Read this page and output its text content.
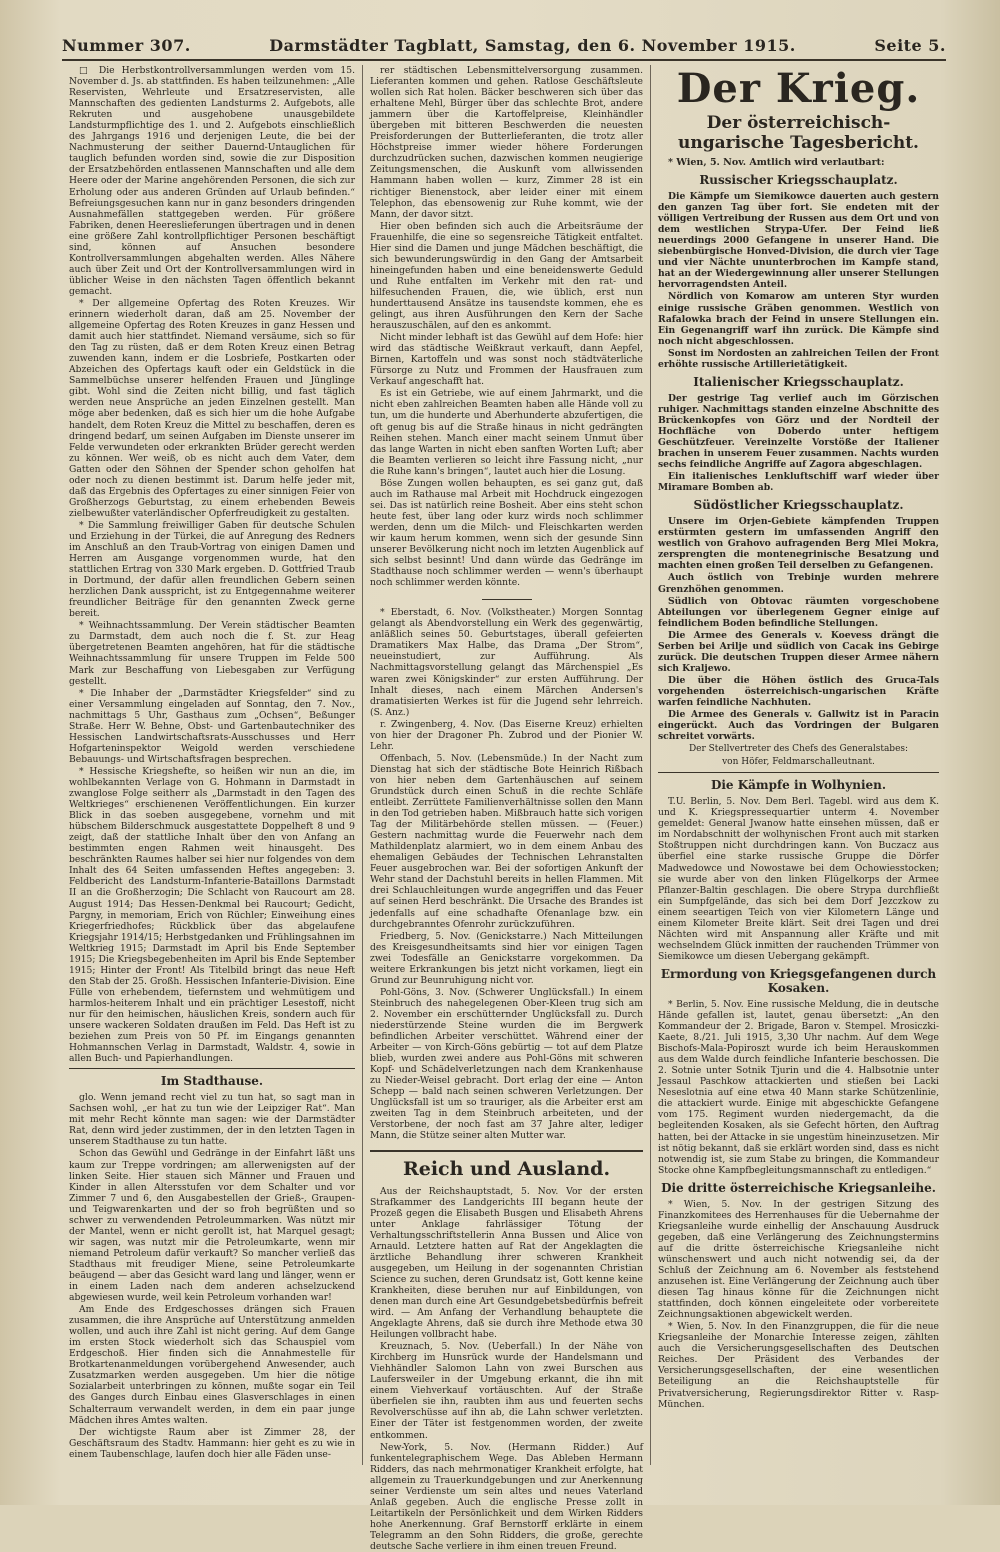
Nummer 307.	Darmstädter Tagblatt, Samstag, den 6. November 1915.	Seite 5.

□ Die Herbstkontrollversammlungen werden vom 15. November d. Js. ab stattfinden. Es haben teilzunehmen: „Alle Reservisten, Wehrleute und Ersatzreservisten, alle Mannschaften des gedienten Landsturms 2. Aufgebots, alle Rekruten und ausgehobene unausgebildete Landsturmpflichtige des 1. und 2. Aufgebots einschließlich des Jahrgangs 1916 und derjenigen Leute, die bei der Nachmusterung der seither Dauernd-Untauglichen für tauglich befunden worden sind, sowie die zur Disposition der Ersatzbehörden entlassenen Mannschaften und alle dem Heere oder der Marine angehörenden Personen, die sich zur Erholung oder aus anderen Gründen auf Urlaub befinden.“ Befreiungsgesuchen kann nur in ganz besonders dringenden Ausnahmefällen stattgegeben werden. Für größere Fabriken, denen Heereslieferungen übertragen und in denen eine größere Zahl kontrollpflichtiger Personen beschäftigt sind, können auf Ansuchen besondere Kontrollversammlungen abgehalten werden. Alles Nähere auch über Zeit und Ort der Kontrollversammlungen wird in üblicher Weise in den nächsten Tagen öffentlich bekannt gemacht.

* Der allgemeine Opfertag des Roten Kreuzes. Wir erinnern wiederholt daran, daß am 25. November der allgemeine Opfertag des Roten Kreuzes in ganz Hessen und damit auch hier stattfindet. Niemand versäume, sich so für den Tag zu rüsten, daß er dem Roten Kreuz einen Betrag zuwenden kann, indem er die Losbriefe, Postkarten oder Abzeichen des Opfertags kauft oder ein Geldstück in die Sammelbüchse unserer helfenden Frauen und Jünglinge gibt. Wohl sind die Zeiten nicht billig, und fast täglich werden neue Ansprüche an jeden Einzelnen gestellt. Man möge aber bedenken, daß es sich hier um die hohe Aufgabe handelt, dem Roten Kreuz die Mittel zu beschaffen, deren es dringend bedarf, um seinen Aufgaben im Dienste unserer im Felde verwundeten oder erkrankten Brüder gerecht werden zu können. Wer weiß, ob es nicht auch dem Vater, dem Gatten oder den Söhnen der Spender schon geholfen hat oder noch zu dienen bestimmt ist. Darum helfe jeder mit, daß das Ergebnis des Opfertages zu einer sinnigen Feier von Großherzogs Geburtstag, zu einem erhebenden Beweis zielbewußter vaterländischer Opferfreudigkeit zu gestalten.

* Die Sammlung freiwilliger Gaben für deutsche Schulen und Erziehung in der Türkei, die auf Anregung des Redners im Anschluß an den Traub-Vortrag von einigen Damen und Herren am Ausgange vorgenommen wurde, hat den stattlichen Ertrag von 330 Mark ergeben. D. Gottfried Traub in Dortmund, der dafür allen freundlichen Gebern seinen herzlichen Dank ausspricht, ist zu Entgegennahme weiterer freundlicher Beiträge für den genannten Zweck gerne bereit.

* Weihnachtssammlung. Der Verein städtischer Beamten zu Darmstadt, dem auch noch die f. St. zur Heag übergetretenen Beamten angehören, hat für die städtische Weihnachtssammlung für unsere Truppen im Felde 500 Mark zur Beschaffung von Liebesgaben zur Verfügung gestellt.

* Die Inhaber der „Darmstädter Kriegsfelder“ sind zu einer Versammlung eingeladen auf Sonntag, den 7. Nov., nachmittags 5 Uhr, Gasthaus zum „Ochsen“, Beßunger Straße. Herr W. Behne, Obst- und Gartenbautechniker des Hessischen Landwirtschaftsrats-Ausschusses und Herr Hofgarteninspektor Weigold werden verschiedene Bebauungs- und Wirtschaftsfragen besprechen.

* Hessische Kriegshefte, so heißen wir nun an die, im wohlbekannten Verlage von G. Hohmann in Darmstadt in zwanglose Folge seitherr als „Darmstadt in den Tagen des Weltkrieges“ erschienenen Veröffentlichungen. Ein kurzer Blick in das soeben ausgegebene, vornehm und mit hübschem Bilderschmuck ausgestattete Doppelheft 8 und 9 zeigt, daß der stattliche Inhalt über den von Anfang an bestimmten engen Rahmen weit hinausgeht. Des beschränkten Raumes halber sei hier nur folgendes von dem Inhalt des 64 Seiten umfassenden Heftes angegeben: 3. Feldbericht des Landsturm-Infanterie-Bataillons Darmstadt II an die Großherzogin; Die Schlacht von Raucourt am 28. August 1914; Das Hessen-Denkmal bei Raucourt; Gedicht, Pargny, in memoriam, Erich von Rüchler; Einweihung eines Kriegerfriedhofes; Rückblick über das abgelaufene Kriegsjahr 1914/15; Herbstgedanken und Frühlingsahnen im Weltkrieg 1915; Darmstadt im April bis Ende September 1915; Die Kriegsbegebenheiten im April bis Ende September 1915; Hinter der Front! Als Titelbild bringt das neue Heft den Stab der 25. Großh. Hessischen Infanterie-Division. Eine Fülle von erhebendem, tiefernstem und wehmütigem und harmlos-heiterem Inhalt und ein prächtiger Lesestoff, nicht nur für den heimischen, häuslichen Kreis, sondern auch für unsere wackeren Soldaten draußen im Feld. Das Heft ist zu beziehen zum Preis von 50 Pf. im Eingangs genannten Hohmannschen Verlag in Darmstadt, Waldstr. 4, sowie in allen Buch- und Papierhandlungen.

Im Stadthause.

glo. Wenn jemand recht viel zu tun hat, so sagt man in Sachsen wohl, „er hat zu tun wie der Leipziger Rat“. Man mit mehr Recht könnte man sagen: wie der Darmstädter Rat, denn wird jeder zustimmen, der in den letzten Tagen in unserem Stadthause zu tun hatte.

Schon das Gewühl und Gedränge in der Einfahrt läßt uns kaum zur Treppe vordringen; am allerwenigsten auf der linken Seite. Hier stauen sich Männer und Frauen und Kinder in allen Altersstufen vor dem Schalter und vor Zimmer 7 und 6, den Ausgabestellen der Grieß-, Graupen- und Teigwarenkarten und der so froh begrüßten und so schwer zu verwendenden Petroleummarken. Was nützt mir der Mantel, wenn er nicht gerollt ist, hat Marquel gesagt; wir sagen, was nutzt mir die Petroleumkarte, wenn mir niemand Petroleum dafür verkauft? So mancher verließ das Stadthaus mit freudiger Miene, seine Petroleumkarte beäugend — aber das Gesicht ward lang und länger, wenn er in einem Laden nach dem anderen achselzuckend abgewiesen wurde, weil kein Petroleum vorhanden war!

Am Ende des Erdgeschosses drängen sich Frauen zusammen, die ihre Ansprüche auf Unterstützung anmelden wollen, und auch ihre Zahl ist nicht gering. Auf dem Gange im ersten Stock wiederholt sich das Schauspiel vom Erdgeschoß. Hier finden sich die Annahmestelle für Brotkartenanmeldungen vorübergehend Anwesender, auch Zusatzmarken werden ausgegeben. Um hier die nötige Sozialarbeit unterbringen zu können, mußte sogar ein Teil des Ganges durch Einbau eines Glasverschlages in einen Schalterraum verwandelt werden, in dem ein paar junge Mädchen ihres Amtes walten.

Der wichtigste Raum aber ist Zimmer 28, der Geschäftsraum des Stadtv. Hammann: hier geht es zu wie in einem Taubenschlage, laufen doch hier alle Fäden unse-

rer städtischen Lebensmittelversorgung zusammen. Lieferanten kommen und gehen. Ratlose Geschäftsleute wollen sich Rat holen. Bäcker beschweren sich über das erhaltene Mehl, Bürger über das schlechte Brot, andere jammern über die Kartoffelpreise, Kleinhändler übergeben mit bitteren Beschwerden die neuesten Preisforderungen der Butterlieferanten, die trotz aller Höchstpreise immer wieder höhere Forderungen durchzudrücken suchen, dazwischen kommen neugierige Zeitungsmenschen, die Auskunft vom allwissenden Hammann haben wollen — kurz, Zimmer 28 ist ein richtiger Bienenstock, aber leider einer mit einem Telephon, das ebensowenig zur Ruhe kommt, wie der Mann, der davor sitzt.

Hier oben befinden sich auch die Arbeitsräume der Frauenhilfe, die eine so segensreiche Tätigkeit entfaltet. Hier sind die Damen und junge Mädchen beschäftigt, die sich bewunderungswürdig in den Gang der Amtsarbeit hineingefunden haben und eine beneidenswerte Geduld und Ruhe entfalten im Verkehr mit den rat- und hilfesuchenden Frauen, die, wie üblich, erst nun hunderttausend Ansätze ins tausendste kommen, ehe es gelingt, aus ihren Ausführungen den Kern der Sache herauszuschälen, auf den es ankommt.

Nicht minder lebhaft ist das Gewühl auf dem Hofe: hier wird das städtische Weißkraut verkauft, dann Aepfel, Birnen, Kartoffeln und was sonst noch städtväterliche Fürsorge zu Nutz und Frommen der Hausfrauen zum Verkauf angeschafft hat.

Es ist ein Getriebe, wie auf einem Jahrmarkt, und die nicht eben zahlreichen Beamten haben alle Hände voll zu tun, um die hunderte und Aberhunderte abzufertigen, die oft genug bis auf die Straße hinaus in nicht gedrängten Reihen stehen. Manch einer macht seinem Unmut über das lange Warten in nicht eben sanften Worten Luft; aber die Beamten verlieren so leicht ihre Fassung nicht, „nur die Ruhe kann's bringen“, lautet auch hier die Losung.

Böse Zungen wollen behaupten, es sei ganz gut, daß auch im Rathause mal Arbeit mit Hochdruck eingezogen sei. Das ist natürlich reine Bosheit. Aber eins steht schon heute fest, über lang oder kurz wirds noch schlimmer werden, denn um die Milch- und Fleischkarten werden wir kaum herum kommen, wenn sich der gesunde Sinn unserer Bevölkerung nicht noch im letzten Augenblick auf sich selbst besinnt! Und dann würde das Gedränge im Stadthause noch schlimmer werden — wenn's überhaupt noch schlimmer werden könnte.

* Eberstadt, 6. Nov. (Volkstheater.) Morgen Sonntag gelangt als Abendvorstellung ein Werk des gegenwärtig, anläßlich seines 50. Geburtstages, überall gefeierten Dramatikers Max Halbe, das Drama „Der Strom“, neueinstudiert, zur Aufführung. Als Nachmittagsvorstellung gelangt das Märchenspiel „Es waren zwei Königskinder“ zur ersten Aufführung. Der Inhalt dieses, nach einem Märchen Andersen's dramatisierten Werkes ist für die Jugend sehr lehrreich. (S. Anz.)

r. Zwingenberg, 4. Nov. (Das Eiserne Kreuz) erhielten von hier der Dragoner Ph. Zubrod und der Pionier W. Lehr.

Offenbach, 5. Nov. (Lebensmüde.) In der Nacht zum Dienstag hat sich der städtische Bote Heinrich Rißbach von hier neben dem Gartenhäuschen auf seinem Grundstück durch einen Schuß in die rechte Schläfe entleibt. Zerrüttete Familienverhältnisse sollen den Mann in den Tod getrieben haben. Mißbrauch hatte sich vorigen Tag der Militärbehörde stellen müssen. — (Feuer.) Gestern nachmittag wurde die Feuerwehr nach dem Mathildenplatz alarmiert, wo in dem einem Anbau des ehemaligen Gebäudes der Technischen Lehranstalten Feuer ausgebrochen war. Bei der sofortigen Ankunft der Wehr stand der Dachstuhl bereits in hellen Flammen. Mit drei Schlauchleitungen wurde angegriffen und das Feuer auf seinen Herd beschränkt. Die Ursache des Brandes ist jedenfalls auf eine schadhafte Ofenanlage bzw. ein durchgebranntes Ofenrohr zurückzuführen.

Friedberg, 5. Nov. (Genickstarre.) Nach Mitteilungen des Kreisgesundheitsamts sind hier vor einigen Tagen zwei Todesfälle an Genickstarre vorgekommen. Da weitere Erkrankungen bis jetzt nicht vorkamen, liegt ein Grund zur Beunruhigung nicht vor.

Pohl-Göns, 3. Nov. (Schwerer Unglücksfall.) In einem Steinbruch des nahegelegenen Ober-Kleen trug sich am 2. November ein erschütternder Unglücksfall zu. Durch niederstürzende Steine wurden die im Bergwerk befindlichen Arbeiter verschüttet. Während einer der Arbeiter — von Kirch-Göns gebürtig — tot auf dem Platze blieb, wurden zwei andere aus Pohl-Göns mit schweren Kopf- und Schädelverletzungen nach dem Krankenhause zu Nieder-Weisel gebracht. Dort erlag der eine — Anton Schepp — bald nach seinen schweren Verletzungen. Der Unglücksfall ist um so trauriger, als die Arbeiter erst am zweiten Tag in dem Steinbruch arbeiteten, und der Verstorbene, der noch fast am 37 Jahre alter, lediger Mann, die Stütze seiner alten Mutter war.

Reich und Ausland.

Aus der Reichshauptstadt, 5. Nov. Vor der ersten Strafkammer des Landgerichts III begann heute der Prozeß gegen die Elisabeth Busgen und Elisabeth Ahrens unter Anklage fahrlässiger Tötung der Verhaltungsschriftstellerin Anna Bussen und Alice von Arnauld. Letztere hatten auf Rat der Angeklagten die ärztliche Behandlung ihrer schweren Krankheit ausgegeben, um Heilung in der sogenannten Christian Science zu suchen, deren Grundsatz ist, Gott kenne keine Krankheiten, diese beruhen nur auf Einbildungen, von denen man durch eine Art Gesundgebetsbedürfnis befreit wird. — Am Anfang der Verhandlung behauptete die Angeklagte Ahrens, daß sie durch ihre Methode etwa 30 Heilungen vollbracht habe.

Kreuznach, 5. Nov. (Ueberfall.) In der Nähe von Kirchberg im Hunsrück wurde der Handelsmann und Viehhändler Salomon Lahn von zwei Burschen aus Laufersweiler in der Umgebung erkannt, die ihn mit einem Viehverkauf vortäuschten. Auf der Straße überfielen sie ihn, raubten ihm aus und feuerten sechs Revolverschüsse auf ihn ab, die Lahn schwer verletzten. Einer der Täter ist festgenommen worden, der zweite entkommen.

New-York, 5. Nov. (Hermann Ridder.) Auf funkentelegraphischem Wege. Das Ableben Hermann Ridders, das nach mehrmonatiger Krankheit erfolgte, hat allgemein zu Trauerkundgebungen und zur Anerkennung seiner Verdienste um sein altes und neues Vaterland Anlaß gegeben. Auch die englische Presse zollt in Leitartikeln der Persönlichkeit und dem Wirken Ridders hohe Anerkennung. Graf Bernstorff erklärte in einem Telegramm an den Sohn Ridders, die große, gerechte deutsche Sache verliere in ihm einen treuen Freund.

Der Krieg.
Der österreichisch-ungarische Tagesbericht.
* Wien, 5. Nov. Amtlich wird verlautbart:
Russischer Kriegsschauplatz.

Die Kämpfe um Siemikowce dauerten auch gestern den ganzen Tag über fort. Sie endeten mit der völligen Vertreibung der Russen aus dem Ort und von dem westlichen Strypa-Ufer. Der Feind ließ neuerdings 2000 Gefangene in unserer Hand. Die siebenbürgische Honved-Division, die durch vier Tage und vier Nächte ununterbrochen im Kampfe stand, hat an der Wiedergewinnung aller unserer Stellungen hervorragendsten Anteil.

Nördlich von Komarow am unteren Styr wurden einige russische Gräben genommen. Westlich von Rafalowka brach der Feind in unsere Stellungen ein. Ein Gegenangriff warf ihn zurück. Die Kämpfe sind noch nicht abgeschlossen.

Sonst im Nordosten an zahlreichen Teilen der Front erhöhte russische Artillerietätigkeit.

Italienischer Kriegsschauplatz.

Der gestrige Tag verlief auch im Görzischen ruhiger. Nachmittags standen einzelne Abschnitte des Brückenkopfes von Görz und der Nordteil der Hochfläche von Doberdo unter heftigem Geschützfeuer. Vereinzelte Vorstöße der Italiener brachen in unserem Feuer zusammen. Nachts wurden sechs feindliche Angriffe auf Zagora abgeschlagen.

Ein italienisches Lenkluftschiff warf wieder über Miramare Bomben ab.

Südöstlicher Kriegsschauplatz.

Unsere im Orjen-Gebiete kämpfenden Truppen erstürmten gestern im umfassenden Angriff den westlich von Grahovo aufragenden Berg Mlei Mokra, zersprengten die montenegrinische Besatzung und machten einen großen Teil derselben zu Gefangenen.

Auch östlich von Trebinje wurden mehrere Grenzhöhen genommen.

Südlich von Obtovac räumten vorgeschobene Abteilungen vor überlegenem Gegner einige auf feindlichem Boden befindliche Stellungen.

Die Armee des Generals v. Koevess drängt die Serben bei Arilje und südlich von Cacak ins Gebirge zurück. Die deutschen Truppen dieser Armee nähern sich Kraljewo.

Die über die Höhen östlich des Gruca-Tals vorgehenden österreichisch-ungarischen Kräfte warfen feindliche Nachhuten.

Die Armee des Generals v. Gallwitz ist in Paracin eingerückt. Auch das Vordringen der Bulgaren schreitet vorwärts.

Der Stellvertreter des Chefs des Generalstabes:
von Höfer, Feldmarschalleutnant.
Die Kämpfe in Wolhynien.

T.U. Berlin, 5. Nov. Dem Berl. Tagebl. wird aus dem K. und K. Kriegspressequartier unterm 4. November gemeldet: General Jwanow hatte einsehen müssen, daß er im Nordabschnitt der wolhynischen Front auch mit starken Stoßtruppen nicht durchdringen kann. Von Buczacz aus überfiel eine starke russische Gruppe die Dörfer Madwedowce und Nowostawe bei dem Ochowiesstocken; sie wurde aber von den linken Flügelkorps der Armee Pflanzer-Baltin geschlagen. Die obere Strypa durchfließt ein Sumpfgelände, das sich bei dem Dorf Jezczkow zu einem seeartigen Teich von vier Kilometern Länge und einem Kilometer Breite klärt. Seit drei Tagen und drei Nächten wird mit Anspannung aller Kräfte und mit wechselndem Glück inmitten der rauchenden Trümmer von Siemikowce um diesen Uebergang gekämpft.

Ermordung von Kriegsgefangenen durch Kosaken.

* Berlin, 5. Nov. Eine russische Meldung, die in deutsche Hände gefallen ist, lautet, genau übersetzt: „An den Kommandeur der 2. Brigade, Baron v. Stempel. Mrosiczki-Kaete, 8./21. Juli 1915, 3,30 Uhr nachm. Auf dem Wege Bischofs-Mala-Popiroszt wurde ich beim Herauskommen aus dem Walde durch feindliche Infanterie beschossen. Die 2. Sotnie unter Sotnik Tjurin und die 4. Halbsotnie unter Jessaul Paschkow attackierten und stießen bei Lacki Neseslotnia auf eine etwa 40 Mann starke Schützenlinie, die attackiert wurde. Einige mit abgeschickte Gefangene vom 175. Regiment wurden niedergemacht, da die begleitenden Kosaken, als sie Gefecht hörten, den Auftrag hatten, bei der Attacke in sie ungestüm hineinzusetzen. Mir ist nötig bekannt, daß sie erklärt worden sind, dass es nicht notwendig ist, sie zum Stabe zu bringen, die Kommandeur Stocke ohne Kampfbegleitungsmannschaft zu entledigen.“

Die dritte österreichische Kriegsanleihe.

* Wien, 5. Nov. In der gestrigen Sitzung des Finanzkomitees des Herrenhauses für die Uebernahme der Kriegsanleihe wurde einhellig der Anschauung Ausdruck gegeben, daß eine Verlängerung des Zeichnungstermins auf die dritte österreichische Kriegsanleihe nicht wünschenswert und auch nicht notwendig sei, da der Schluß der Zeichnung am 6. November als feststehend anzusehen ist. Eine Verlängerung der Zeichnung auch über diesen Tag hinaus könne für die Zeichnungen nicht stattfinden, doch können eingeleitete oder vorbereitete Zeichnungsaktionen abgewickelt werden.

* Wien, 5. Nov. In den Finanzgruppen, die für die neue Kriegsanleihe der Monarchie Interesse zeigen, zählten auch die Versicherungsgesellschaften des Deutschen Reiches. Der Präsident des Verbandes der Versicherungsgesellschaften, der eine wesentlichen Beteiligung an die Reichshauptstelle für Privatversicherung, Regierungsdirektor Ritter v. Rasp-München.
